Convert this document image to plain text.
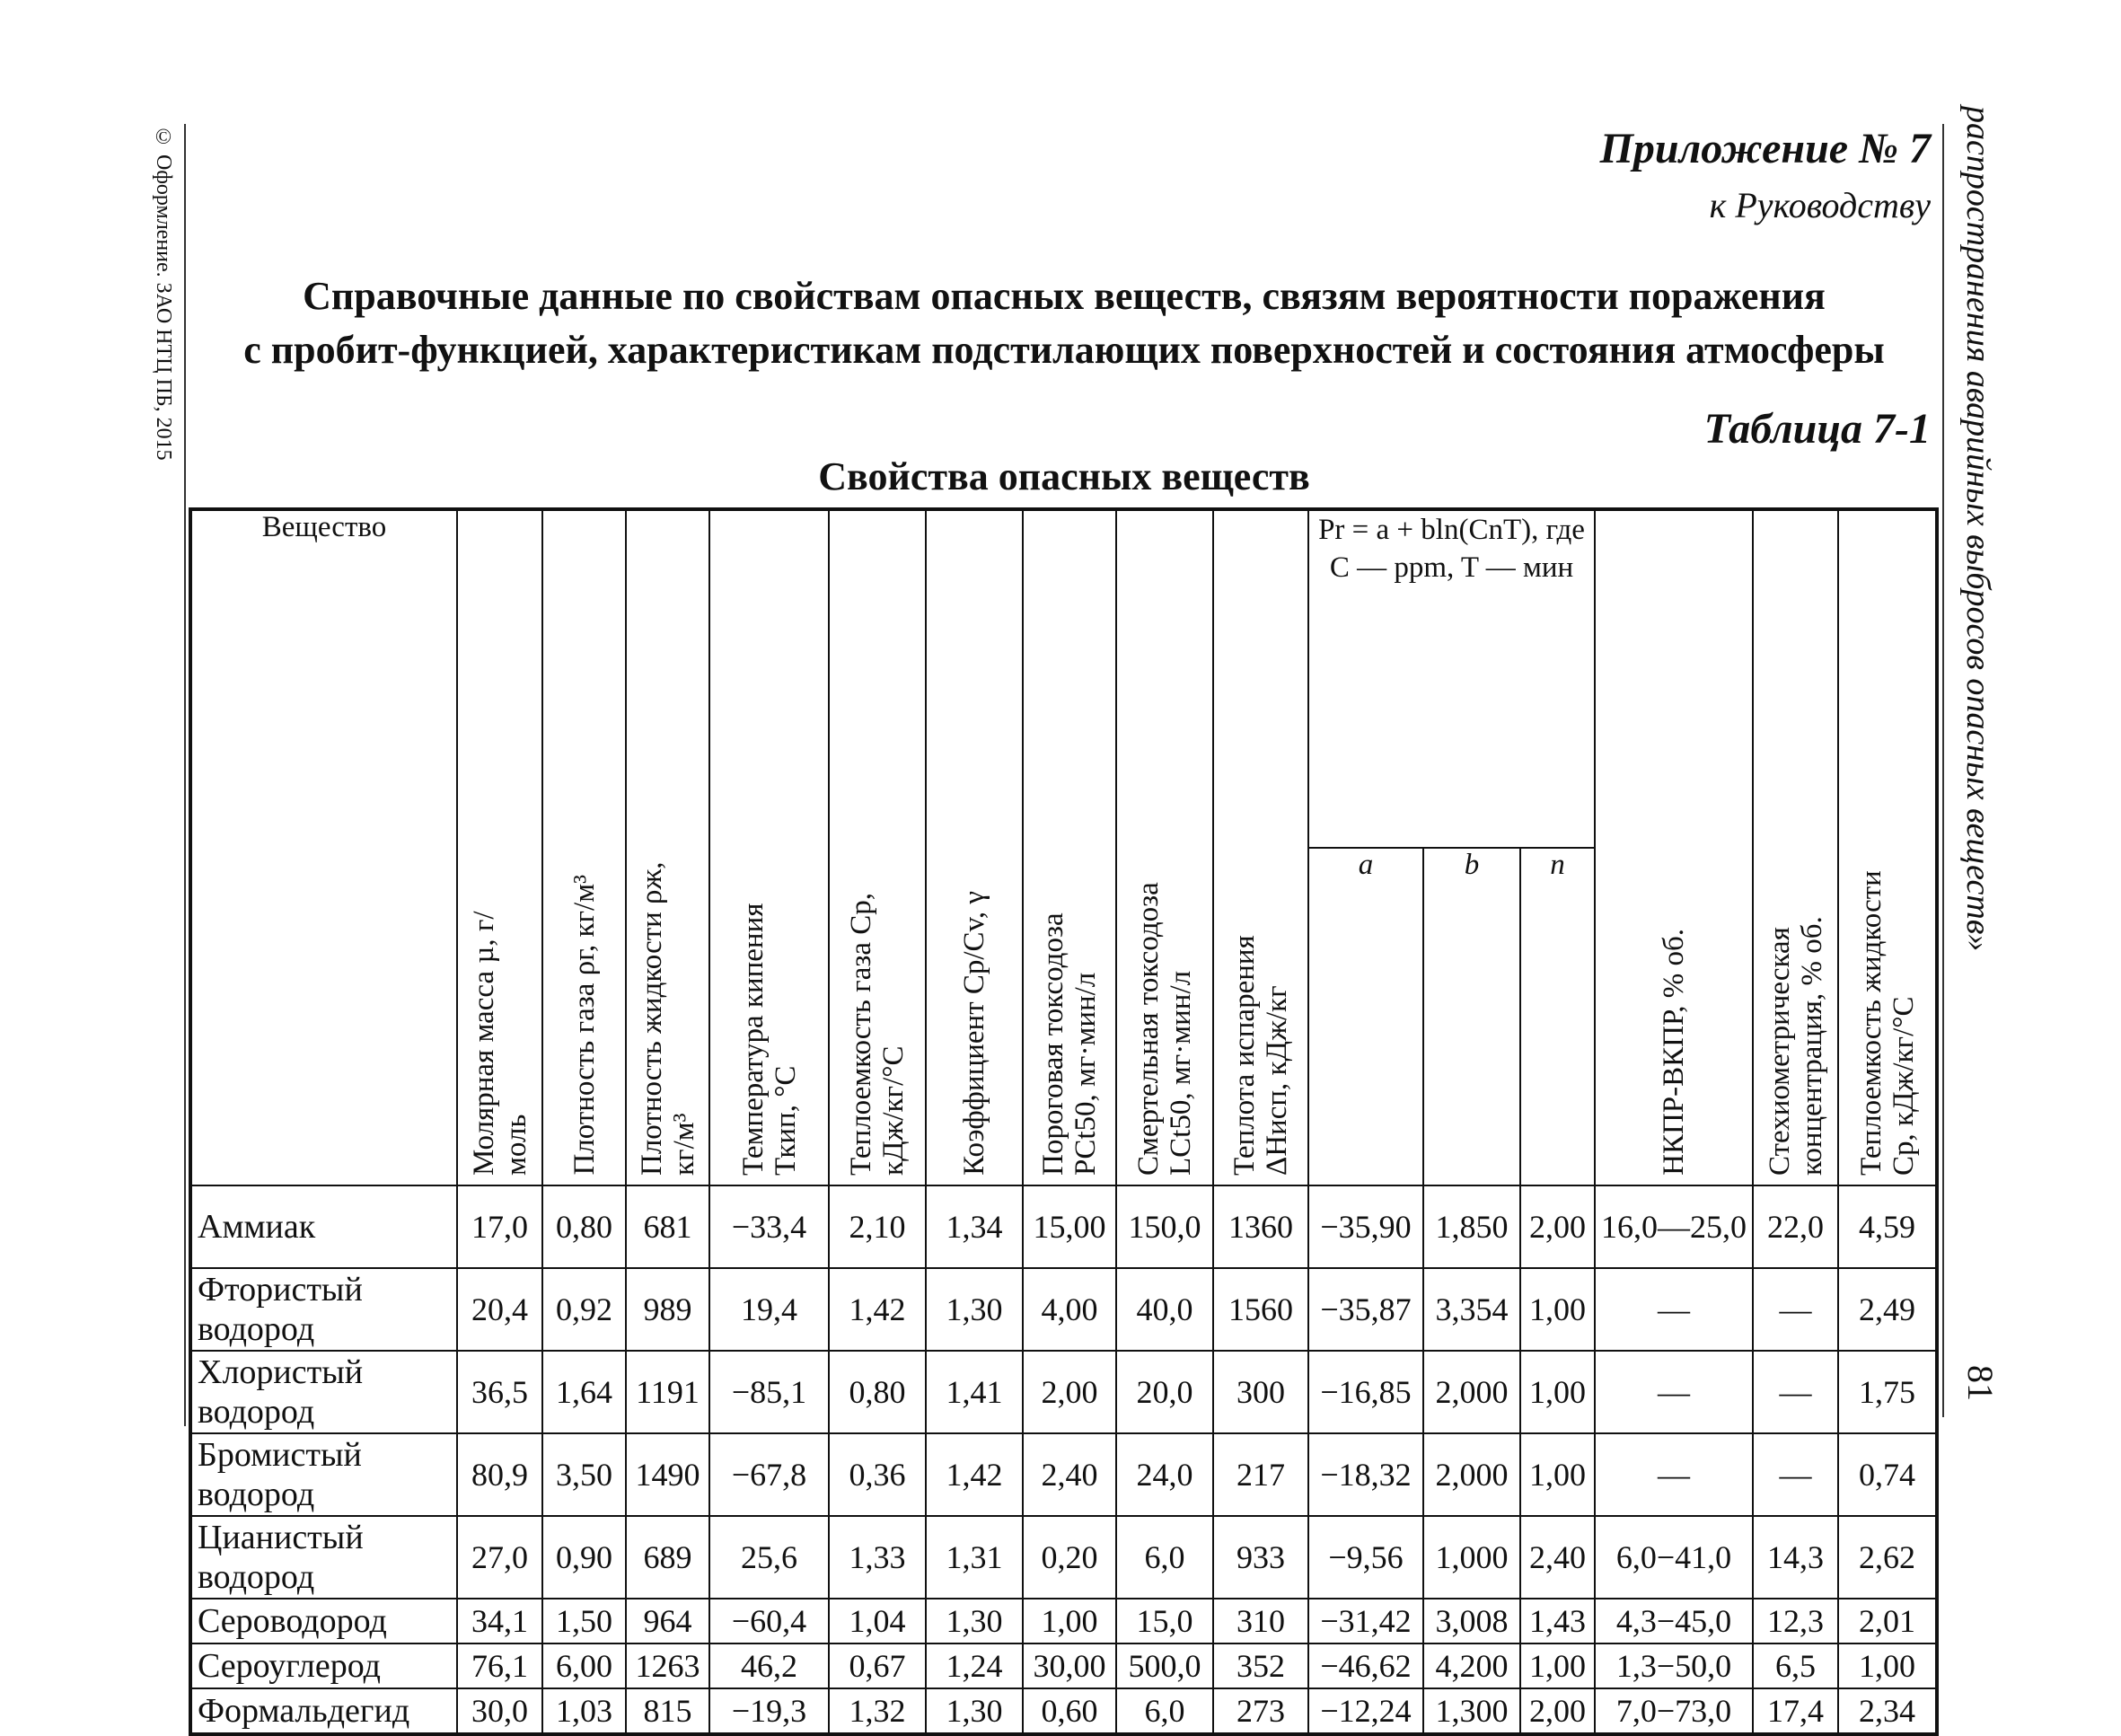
© Оформление. ЗАО НТЦ ПБ, 2015	распространения аварийных выбросов опасных веществ»
81
Приложение № 7
к Руководству
Справочные данные по свойствам опасных веществ, связям вероятности поражения
с пробит-функцией, характеристикам подстилающих поверхностей и состояния атмосферы
Таблица 7-1
Свойства опасных веществ
Вещество	Молярная масса µ, г/моль	Плотность газа ρг, кг/м³	Плотность жидкости ρж, кг/м³	Температура кипения Ткип, °С	Теплоемкость газа Cp, кДж/кг/°С	Коэффициент Cp/Cv, γ	Пороговая токсодоза PCt50, мг·мин/л	Смертельная токсодоза LCt50, мг·мин/л	Теплота испарения ΔHисп, кДж/кг	Pr = a + bln(CnT), где C — ppm, T — мин			НКПР-ВКПР, % об.	Стехиометрическая концентрация, % об.	Теплоемкость жидкости Cp, кДж/кг/°С

										a	b	n			
Аммиак	17,0	0,80	681	−33,4	2,10	1,34	15,00	150,0	1360	−35,90	1,850	2,00	16,0—25,0	22,0	4,59
Фтористый водород	20,4	0,92	989	19,4	1,42	1,30	4,00	40,0	1560	−35,87	3,354	1,00	—	—	2,49
Хлористый водород	36,5	1,64	1191	−85,1	0,80	1,41	2,00	20,0	300	−16,85	2,000	1,00	—	—	1,75
Бромистый водород	80,9	3,50	1490	−67,8	0,36	1,42	2,40	24,0	217	−18,32	2,000	1,00	—	—	0,74
Цианистый водород	27,0	0,90	689	25,6	1,33	1,31	0,20	6,0	933	−9,56	1,000	2,40	6,0−41,0	14,3	2,62
Сероводород	34,1	1,50	964	−60,4	1,04	1,30	1,00	15,0	310	−31,42	3,008	1,43	4,3−45,0	12,3	2,01
Сероуглерод	76,1	6,00	1263	46,2	0,67	1,24	30,00	500,0	352	−46,62	4,200	1,00	1,3−50,0	6,5	1,00
Формальдегид	30,0	1,03	815	−19,3	1,32	1,30	0,60	6,0	273	−12,24	1,300	2,00	7,0−73,0	17,4	2,34
